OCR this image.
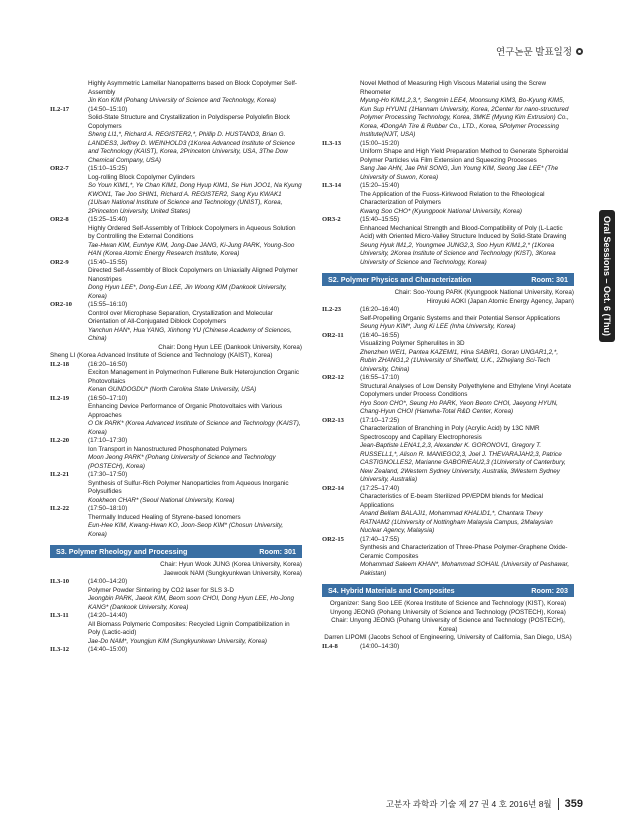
연구논문 발표일정
Highly Asymmetric Lamellar Nanopatterns based on Block Copolymer Self-Assembly
Jin Kon KIM (Pohang University of Science and Technology, Korea)
IL2-17	(14:50–15:10)
Solid-State Structure and Crystallization in Polydisperse Polyolefin Block Copolymers
Sheng LI1,*, Richard A. REGISTER2,*, Phillip D. HUSTAND3, Brian G. LANDES3, Jeffrey D. WEINHOLD3 (1Korea Advanced Institute of Science and Technology (KAIST), Korea, 2Princeton University, USA, 3The Dow Chemical Company, USA)
OR2-7	(15:10–15:25)
Log-rolling Block Copolymer Cylinders
So Youn KIM1,*, Ye Chan KIM1, Dong Hyup KIM1, Se Hun JOO1, Na Kyung KWON1, Tae Joo SHIN1, Richard A. REGISTER2, Sang Kyu KWAK1 (1Ulsan National Institute of Science and Technology (UNIST), Korea, 2Princeton University, United States)
OR2-8	(15:25–15:40)
Highly Ordered Self-Assembly of Triblock Copolymers in Aqueous Solution by Controlling the External Conditions
Tae-Hwan KIM, Eunhye KIM, Jong-Dae JANG, Ki-Jung PARK, Young-Soo HAN (Korea Atomic Energy Research Institute, Korea)
OR2-9	(15:40–15:55)
Directed Self-Assembly of Block Copolymers on Uniaxially Aligned Polymer Nanostripes
Dong Hyun LEE*, Dong-Eun LEE, Jin Woong KIM (Dankook University, Korea)
OR2-10	(15:55–16:10)
Control over Microphase Separation, Crystallization and Molecular Orientation of All-Conjugated Diblock Copolymers
Yanchun HAN*, Hua YANG, Xinhong YU (Chinese Academy of Sciences, China)
Chair: Dong Hyun LEE (Dankook University, Korea)
Sheng LI (Korea Advanced Institute of Science and Technology (KAIST), Korea)
IL2-18	(16:20–16:50)
Exciton Management in Polymer/non Fullerene Bulk Heterojunction Organic Photovoltaics
Kenan GUNDOGDU* (North Carolina State University, USA)
IL2-19	(16:50–17:10)
Enhancing Device Performance of Organic Photovoltaics with Various Approaches
O Ok PARK* (Korea Advanced Institute of Science and Technology (KAIST), Korea)
IL2-20	(17:10–17:30)
Ion Transport in Nanostructured Phosphonated Polymers
Moon Jeong PARK* (Pohang University of Science and Technology (POSTECH), Korea)
IL2-21	(17:30–17:50)
Synthesis of Sulfur-Rich Polymer Nanoparticles from Aqueous Inorganic Polysulfides
Kookheon CHAR* (Seoul National University, Korea)
IL2-22	(17:50–18:10)
Thermally Induced Healing of Styrene-based Ionomers
Eun-Hee KIM, Kwang-Hwan KO, Joon-Seop KIM* (Chosun University, Korea)
S3. Polymer Rheology and Processing	Room: 301
Chair: Hyun Wook JUNG (Korea University, Korea)
Jaewook NAM (Sungkyunkwan University, Korea)
IL3-10	(14:00–14:20)
Polymer Powder Sintering by CO2 laser for SLS 3-D
Jeongbin PARK, Jaeok KIM, Beom soon CHOI, Dong Hyun LEE, Ho-Jong KANG* (Dankook University, Korea)
IL3-11	(14:20–14:40)
All Biomass Polymeric Composites: Recycled Lignin Compatibilization in Poly (Lactic-acid)
Jae-Do NAM*, Youngjun KIM (Sungkyunkwan University, Korea)
IL3-12	(14:40–15:00)
Novel Method of Measuring High Viscous Material using the Screw Rheometer
Myung-Ho KIM1,2,3,*, Sengmin LEE4, Moonsung KIM3, Bo-Kyung KIM5, Kun Sup HYUN1 (1Hannam University, Korea, 2Center for nano-structured Polymer Processing Technology, Korea, 3MKE (Myung Kim Extrusion) Co., Korea, 4DongAh Tire & Rubber Co., LTD., Korea, 5Polymer Processing Institute(NJIT, USA)
IL3-13	(15:00–15:20)
Uniform Shape and High Yield Preparation Method to Generate Spheroidal Polymer Particles via Film Extension and Squeezing Processes
Sang Jae AHN, Jae Phil SONG, Jun Young KIM, Seong Jae LEE* (The University of Suwon, Korea)
IL3-14	(15:20–15:40)
The Application of the Fuoss-Kirkwood Relation to the Rheological Characterization of Polymers
Kwang Soo CHO* (Kyungpook National University, Korea)
OR3-2	(15:40–15:55)
Enhanced Mechanical Strength and Blood-Compatibility of Poly (L-Lactic Acid) with Oriented Micro-Valley Structure Induced by Solid-State Drawing
Seung Hyuk IM1,2, Youngmee JUNG2,3, Soo Hyun KIM1,2,* (1Korea University, 2Korea Institute of Science and Technology (KIST), 3Korea University of Science and Technology, Korea)
S2. Polymer Physics and Characterization	Room: 301
Chair: Soo-Young PARK (Kyungpook National University, Korea)
Hiroyuki AOKI (Japan Atomic Energy Agency, Japan)
IL2-23	(16:20–16:40)
Self-Propelling Organic Systems and their Potential Sensor Applications
Seung Hyun KIM*, Jung Ki LEE (Inha University, Korea)
OR2-11	(16:40–16:55)
Visualizing Polymer Spherulites in 3D
Zhenzhen WEI1, Pantea KAZEMI1, Hina SABIR1, Goran UNGAR1,2,*, Rubin ZHANG1,2 (1University of Sheffield, U.K., 2Zhejiang Sci-Tech University, China)
OR2-12	(16:55–17:10)
Structural Analyses of Low Density Polyethylene and Ethylene Vinyl Acetate Copolymers under Process Conditions
Hyo Soon CHO*, Seung Ho PARK, Yeon Beom CHOI, Jaeyong HYUN, Chang-Hyun CHOI (Hanwha-Total R&D Center, Korea)
OR2-13	(17:10–17:25)
Characterization of Branching in Poly (Acrylic Acid) by 13C NMR Spectroscopy and Capillary Electrophoresis
Jean-Baptiste LENA1,2,3, Alexander K. GORONOV1, Gregory T. RUSSELL1,*, Alison R. MANIEGO2,3, Joel J. THEVARAJAH2,3, Patrice CASTIGNOLLES2, Marianne GABORIEAU2,3 (1University of Canterbury, New Zealand, 2Western Sydney University, Australia, 3Western Sydney University, Australia)
OR2-14	(17:25–17:40)
Characteristics of E-beam Sterilized PP/EPDM blends for Medical Applications
Anand Bellam BALAJI1, Mohammad KHALID1,*, Chantara Thevy RATNAM2 (1University of Nottingham Malaysia Campus, 2Malaysian Nuclear Agency, Malaysia)
OR2-15	(17:40–17:55)
Synthesis and Characterization of Three-Phase Polymer-Graphene Oxide-Ceramic Composites
Mohammad Saleem KHAN*, Mohammad SOHAIL (University of Peshawar, Pakistan)
S4. Hybrid Materials and Composites	Room: 203
Organizer: Sang Soo LEE (Korea Institute of Science and Technology (KIST), Korea)
Unyong JEONG (Pohang University of Science and Technology (POSTECH), Korea)
Chair: Unyong JEONG (Pohang University of Science and Technology (POSTECH), Korea)
Darren LIPOMI (Jacobs School of Engineering, University of California, San Diego, USA)
IL4-8	(14:00–14:30)
Oral Sessions – Oct. 6 (Thu)
고분자 과학과 기술 제 27 권 4 호 2016년 8월	359
